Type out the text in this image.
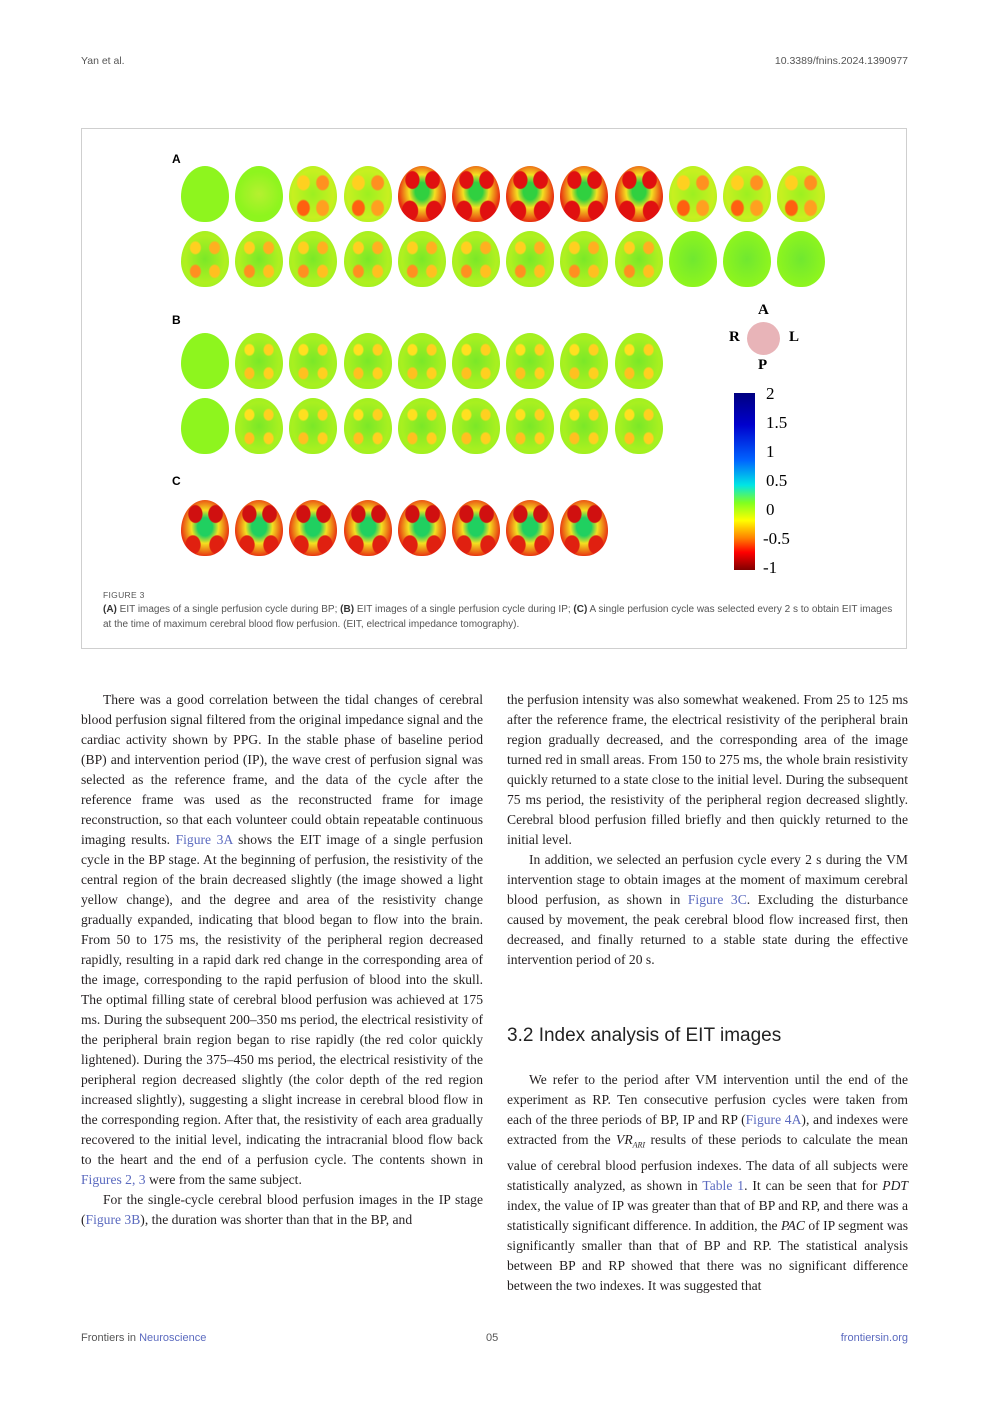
Yan et al.	10.3389/fnins.2024.1390977
A
B
C
A
R	L
P
2
1.5
1
0.5
0
-0.5
-1
FIGURE 3
(A) EIT images of a single perfusion cycle during BP; (B) EIT images of a single perfusion cycle during IP; (C) A single perfusion cycle was selected every 2 s to obtain EIT images at the time of maximum cerebral blood flow perfusion. (EIT, electrical impedance tomography).

There was a good correlation between the tidal changes of cerebral blood perfusion signal filtered from the original impedance signal and the cardiac activity shown by PPG. In the stable phase of baseline period (BP) and intervention period (IP), the wave crest of perfusion signal was selected as the reference frame, and the data of the cycle after the reference frame was used as the reconstructed frame for image reconstruction, so that each volunteer could obtain repeatable continuous imaging results. Figure 3A shows the EIT image of a single perfusion cycle in the BP stage. At the beginning of perfusion, the resistivity of the central region of the brain decreased slightly (the image showed a light yellow change), and the degree and area of the resistivity change gradually expanded, indicating that blood began to flow into the brain. From 50 to 175 ms, the resistivity of the peripheral region decreased rapidly, resulting in a rapid dark red change in the corresponding area of the image, corresponding to the rapid perfusion of blood into the skull. The optimal filling state of cerebral blood perfusion was achieved at 175 ms. During the subsequent 200–350 ms period, the electrical resistivity of the peripheral brain region began to rise rapidly (the red color quickly lightened). During the 375–450 ms period, the electrical resistivity of the peripheral region decreased slightly (the color depth of the red region increased slightly), suggesting a slight increase in cerebral blood flow in the corresponding region. After that, the resistivity of each area gradually recovered to the initial level, indicating the intracranial blood flow back to the heart and the end of a perfusion cycle. The contents shown in Figures 2, 3 were from the same subject.

For the single-cycle cerebral blood perfusion images in the IP stage (Figure 3B), the duration was shorter than that in the BP, and

the perfusion intensity was also somewhat weakened. From 25 to 125 ms after the reference frame, the electrical resistivity of the peripheral brain region gradually decreased, and the corresponding area of the image turned red in small areas. From 150 to 275 ms, the whole brain resistivity quickly returned to a state close to the initial level. During the subsequent 75 ms period, the resistivity of the peripheral region decreased slightly. Cerebral blood perfusion filled briefly and then quickly returned to the initial level.

In addition, we selected an perfusion cycle every 2 s during the VM intervention stage to obtain images at the moment of maximum cerebral blood perfusion, as shown in Figure 3C. Excluding the disturbance caused by movement, the peak cerebral blood flow increased first, then decreased, and finally returned to a stable state during the effective intervention period of 20 s.

3.2 Index analysis of EIT images

We refer to the period after VM intervention until the end of the experiment as RP. Ten consecutive perfusion cycles were taken from each of the three periods of BP, IP and RP (Figure 4A), and indexes were extracted from the $VR_{ARI}$ results of these periods to calculate the mean value of cerebral blood perfusion indexes. The data of all subjects were statistically analyzed, as shown in Table 1. It can be seen that for PDT index, the value of IP was greater than that of BP and RP, and there was a statistically significant difference. In addition, the PAC of IP segment was significantly smaller than that of BP and RP. The statistical analysis between BP and RP showed that there was no significant difference between the two indexes. It was suggested that

Frontiers in Neuroscience	05	frontiersin.org
